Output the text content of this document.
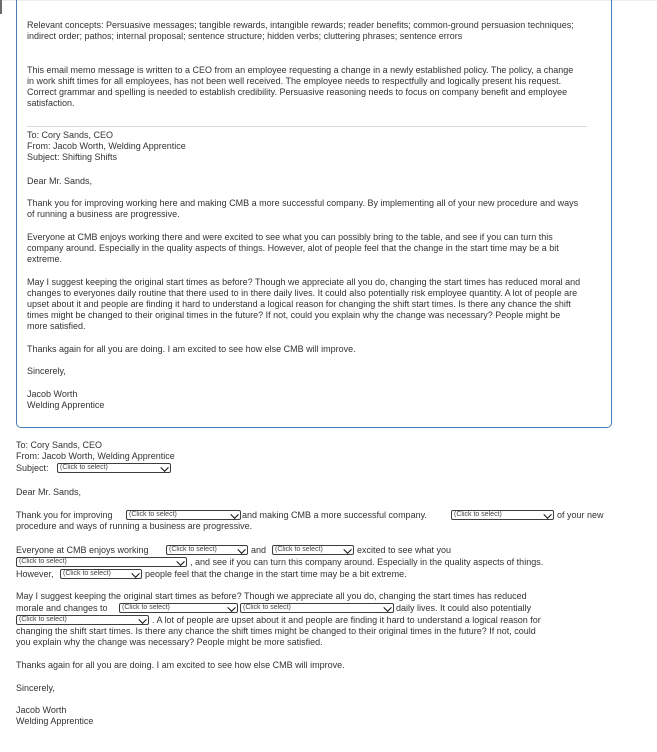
Relevant concepts: Persuasive messages; tangible rewards, intangible rewards; reader benefits; common-ground persuasion techniques; indirect order; pathos; internal proposal; sentence structure; hidden verbs; cluttering phrases; sentence errors
This email memo message is written to a CEO from an employee requesting a change in a newly established policy. The policy, a change in work shift times for all employees, has not been well received. The employee needs to respectfully and logically present his request. Correct grammar and spelling is needed to establish credibility. Persuasive reasoning needs to focus on company benefit and employee satisfaction.
To: Cory Sands, CEO
From: Jacob Worth, Welding Apprentice
Subject: Shifting Shifts
Dear Mr. Sands,
Thank you for improving working here and making CMB a more successful company. By implementing all of your new procedure and ways of running a business are progressive.
Everyone at CMB enjoys working there and were excited to see what you can possibly bring to the table, and see if you can turn this company around. Especially in the quality aspects of things. However, alot of people feel that the change in the start time may be a bit extreme.
May I suggest keeping the original start times as before? Though we appreciate all you do, changing the start times has reduced moral and changes to everyones daily routine that there used to in there daily lives. It could also potentially risk employee quantity. A lot of people are upset about it and people are finding it hard to understand a logical reason for changing the shift start times. Is there any chance the shift times might be changed to their original times in the future? If not, could you explain why the change was necessary? People might be more satisfied.
Thanks again for all you are doing. I am excited to see how else CMB will improve.
Sincerely,
Jacob Worth
Welding Apprentice
To: Cory Sands, CEO
From: Jacob Worth, Welding Apprentice
Subject:	(Click to select)
Dear Mr. Sands,
Thank you for improving	(Click to select)	and making CMB a more successful company.	(Click to select)	of your new
procedure and ways of running a business are progressive.
Everyone at CMB enjoys working	(Click to select)	and	(Click to select)	excited to see what you
(Click to select)	, and see if you can turn this company around. Especially in the quality aspects of things.
However,	(Click to select)	people feel that the change in the start time may be a bit extreme.
May I suggest keeping the original start times as before? Though we appreciate all you do, changing the start times has reduced
morale and changes to	(Click to select)	(Click to select)	daily lives. It could also potentially
(Click to select)	. A lot of people are upset about it and people are finding it hard to understand a logical reason for
changing the shift start times. Is there any chance the shift times might be changed to their original times in the future? If not, could
you explain why the change was necessary? People might be more satisfied.
Thanks again for all you are doing. I am excited to see how else CMB will improve.
Sincerely,
Jacob Worth
Welding Apprentice
